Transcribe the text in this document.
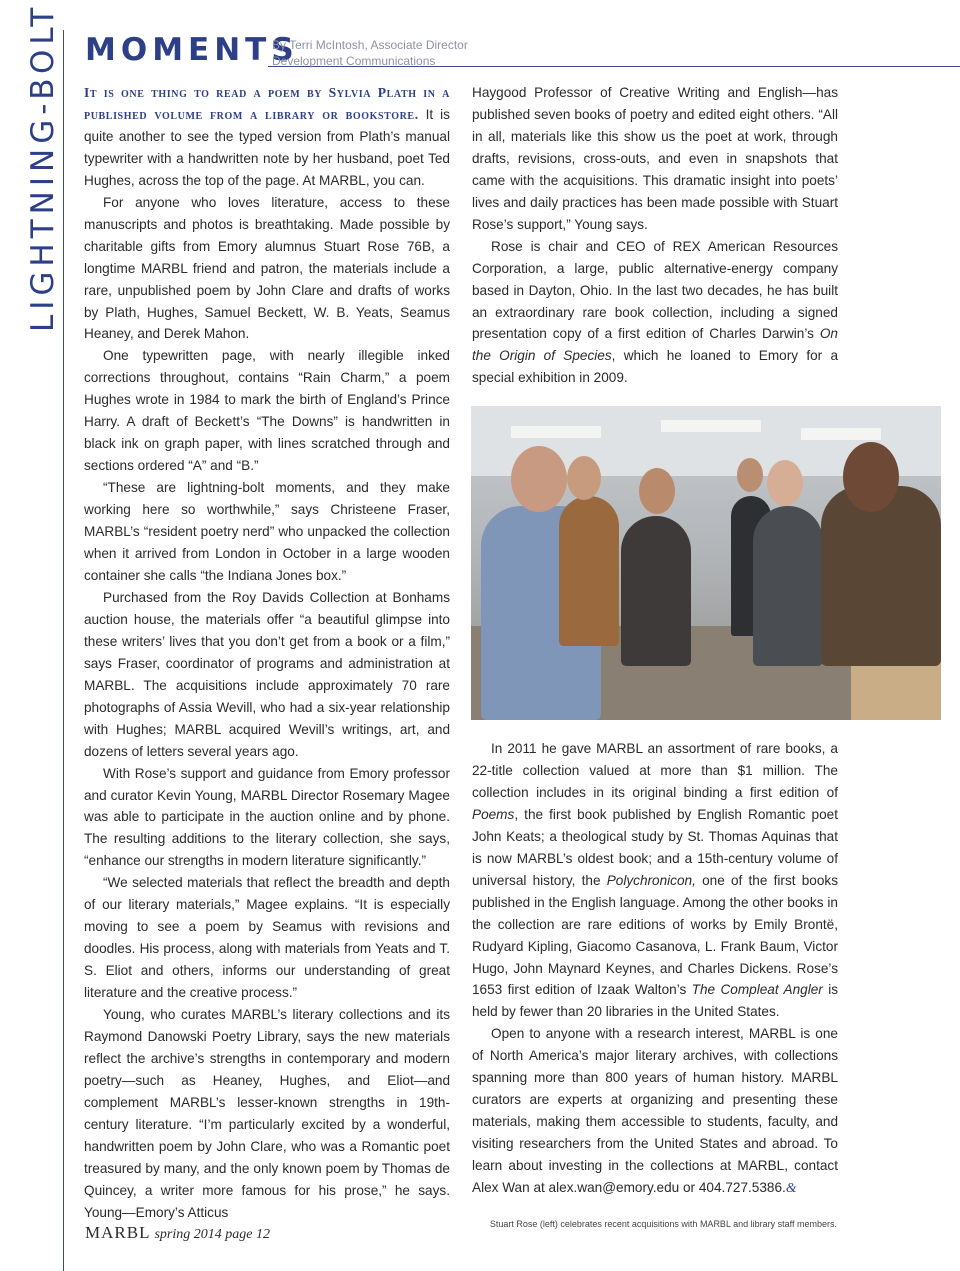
LIGHTNING-BOLT MOMENTS
By Terri McIntosh, Associate Director
Development Communications

It is one thing to read a poem by Sylvia Plath in a published volume from a library or bookstore. It is quite another to see the typed version from Plath’s manual typewriter with a handwritten note by her husband, poet Ted Hughes, across the top of the page. At MARBL, you can.

For anyone who loves literature, access to these manuscripts and photos is breathtaking. Made possible by charitable gifts from Emory alumnus Stuart Rose 76B, a longtime MARBL friend and patron, the materials include a rare, unpublished poem by John Clare and drafts of works by Plath, Hughes, Samuel Beckett, W. B. Yeats, Seamus Heaney, and Derek Mahon.

One typewritten page, with nearly illegible inked corrections throughout, contains “Rain Charm,” a poem Hughes wrote in 1984 to mark the birth of England’s Prince Harry. A draft of Beckett’s “The Downs” is handwritten in black ink on graph paper, with lines scratched through and sections ordered “A” and “B.”

“These are lightning-bolt moments, and they make working here so worthwhile,” says Christeene Fraser, MARBL’s “resident poetry nerd” who unpacked the collection when it arrived from London in October in a large wooden container she calls “the Indiana Jones box.”

Purchased from the Roy Davids Collection at Bonhams auction house, the materials offer “a beautiful glimpse into these writers’ lives that you don’t get from a book or a film,” says Fraser, coordinator of programs and administration at MARBL. The acquisitions include approximately 70 rare photographs of Assia Wevill, who had a six-year relationship with Hughes; MARBL acquired Wevill’s writings, art, and dozens of letters several years ago.

With Rose’s support and guidance from Emory professor and curator Kevin Young, MARBL Director Rosemary Magee was able to participate in the auction online and by phone. The resulting additions to the literary collection, she says, “enhance our strengths in modern literature significantly.”

“We selected materials that reflect the breadth and depth of our literary materials,” Magee explains. “It is especially moving to see a poem by Seamus with revisions and doodles. His process, along with materials from Yeats and T. S. Eliot and others, informs our understanding of great literature and the creative process.”

Young, who curates MARBL’s literary collections and its Raymond Danowski Poetry Library, says the new materials reflect the archive’s strengths in contemporary and modern poetry—such as Heaney, Hughes, and Eliot—and complement MARBL’s lesser-known strengths in 19th-century literature. “I’m particularly excited by a wonderful, handwritten poem by John Clare, who was a Romantic poet treasured by many, and the only known poem by Thomas de Quincey, a writer more famous for his prose,” he says. Young—Emory’s Atticus

Haygood Professor of Creative Writing and English—has published seven books of poetry and edited eight others. “All in all, materials like this show us the poet at work, through drafts, revisions, cross-outs, and even in snapshots that came with the acquisitions. This dramatic insight into poets’ lives and daily practices has been made possible with Stuart Rose’s support,” Young says.

Rose is chair and CEO of REX American Resources Corporation, a large, public alternative-energy company based in Dayton, Ohio. In the last two decades, he has built an extraordinary rare book collection, including a signed presentation copy of a first edition of Charles Darwin’s On the Origin of Species, which he loaned to Emory for a special exhibition in 2009.

In 2011 he gave MARBL an assortment of rare books, a 22-title collection valued at more than $1 million. The collection includes in its original binding a first edition of Poems, the first book published by English Romantic poet John Keats; a theological study by St. Thomas Aquinas that is now MARBL’s oldest book; and a 15th-century volume of universal history, the Polychronicon, one of the first books published in the English language. Among the other books in the collection are rare editions of works by Emily Brontë, Rudyard Kipling, Giacomo Casanova, L. Frank Baum, Victor Hugo, John Maynard Keynes, and Charles Dickens. Rose’s 1653 first edition of Izaak Walton’s The Compleat Angler is held by fewer than 20 libraries in the United States.

Open to anyone with a research interest, MARBL is one of North America’s major literary archives, with collections spanning more than 800 years of human history. MARBL curators are experts at organizing and presenting these materials, making them accessible to students, faculty, and visiting researchers from the United States and abroad. To learn about investing in the collections at MARBL, contact Alex Wan at alex.wan@emory.edu or 404.727.5386.&

Stuart Rose (left) celebrates recent acquisitions with MARBL and library staff members.
MARBL spring 2014 page 12
